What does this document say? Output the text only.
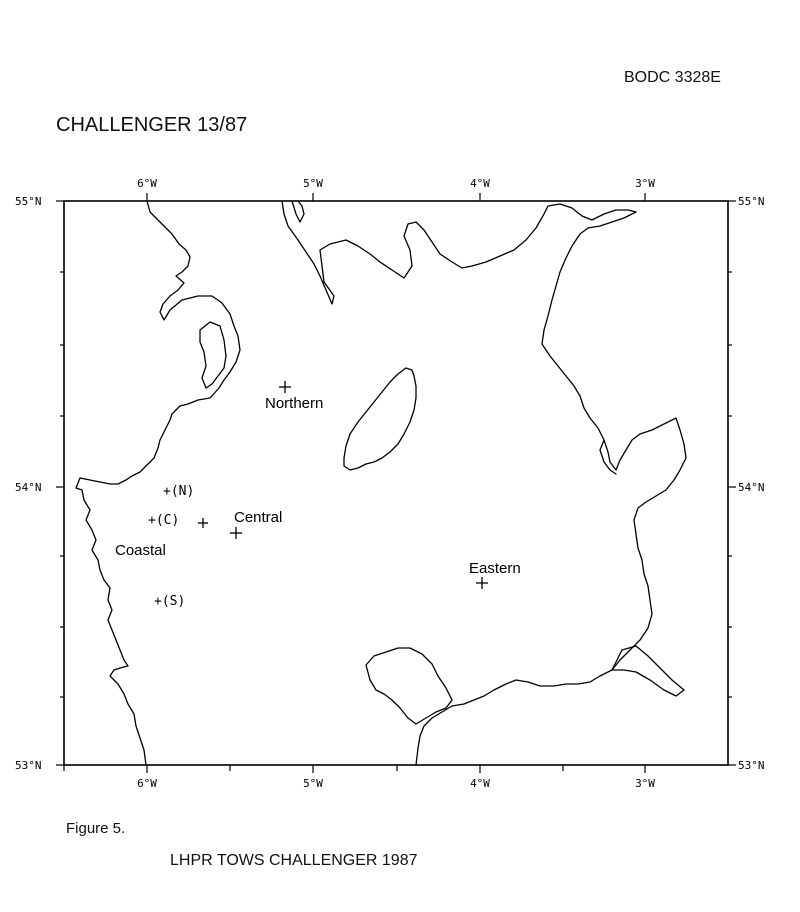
BODC 3328E
CHALLENGER 13/87
6°W	5°W	4°W	3°W
6°W	5°W	4°W	3°W
55°N
54°N
53°N
55°N
54°N
53°N
Northern
Central
Eastern
Coastal
+(N)
+(C)
+(S)
Figure 5.
LHPR TOWS CHALLENGER 1987
